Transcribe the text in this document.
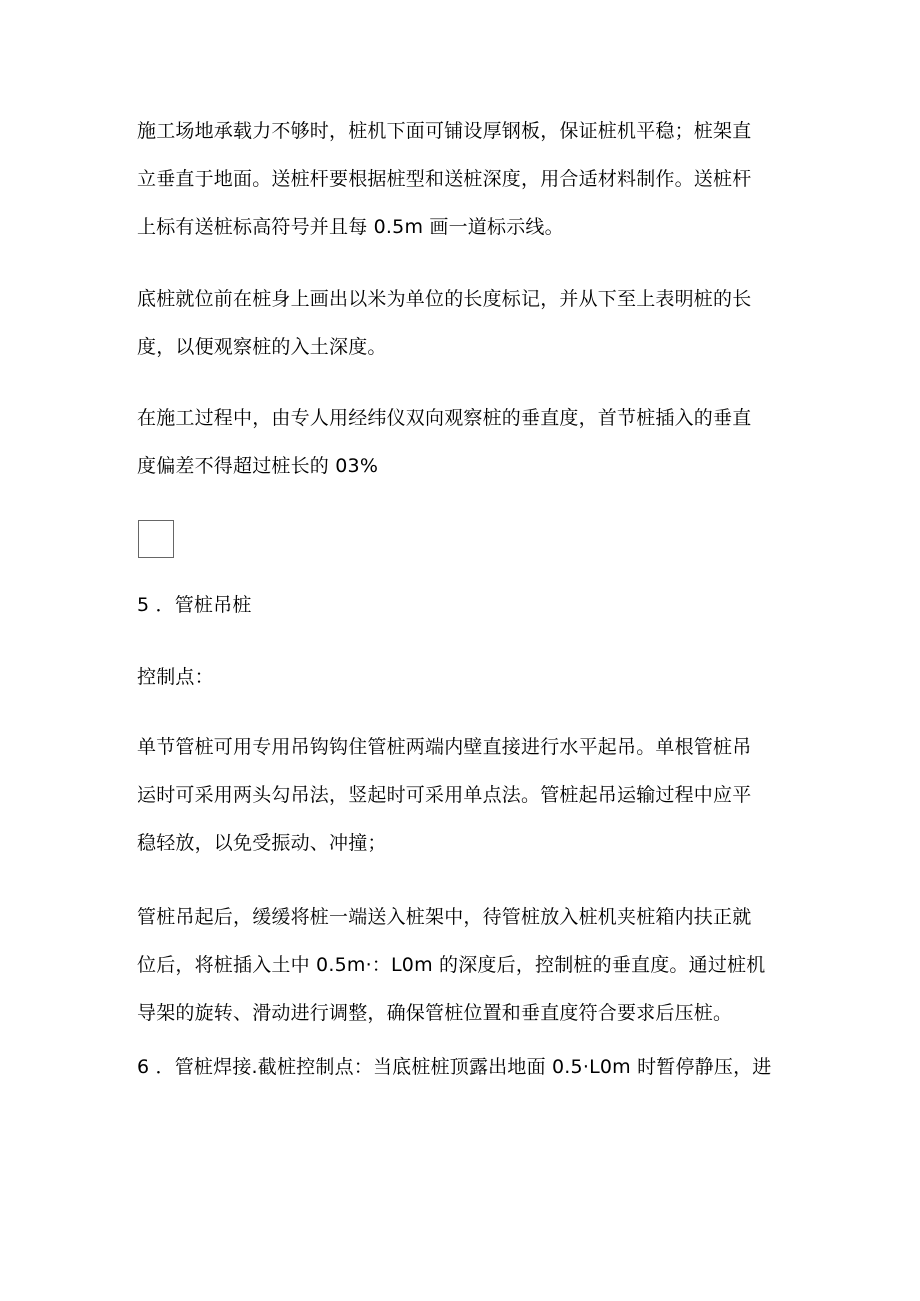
施工场地承载力不够时，桩机下面可铺设厚钢板，保证桩机平稳；桩架直
立垂直于地面。送桩杆要根据桩型和送桩深度，用合适材料制作。送桩杆
上标有送桩标高符号并且每 0.5m 画一道标示线。
底桩就位前在桩身上画出以米为单位的长度标记，并从下至上表明桩的长
度，以便观察桩的入土深度。
在施工过程中，由专人用经纬仪双向观察桩的垂直度，首节桩插入的垂直
度偏差不得超过桩长的 03%
5 ．管桩吊桩
控制点：
单节管桩可用专用吊钩钩住管桩两端内壁直接进行水平起吊。单根管桩吊
运时可采用两头勾吊法，竖起时可采用单点法。管桩起吊运输过程中应平
稳轻放，以免受振动、冲撞；
管桩吊起后，缓缓将桩一端送入桩架中，待管桩放入桩机夹桩箱内扶正就
位后，将桩插入土中 0.5m·：L0m 的深度后，控制桩的垂直度。通过桩机
导架的旋转、滑动进行调整，确保管桩位置和垂直度符合要求后压桩。
6 ．管桩焊接.截桩控制点：当底桩桩顶露出地面 0.5·L0m 时暂停静压，进
